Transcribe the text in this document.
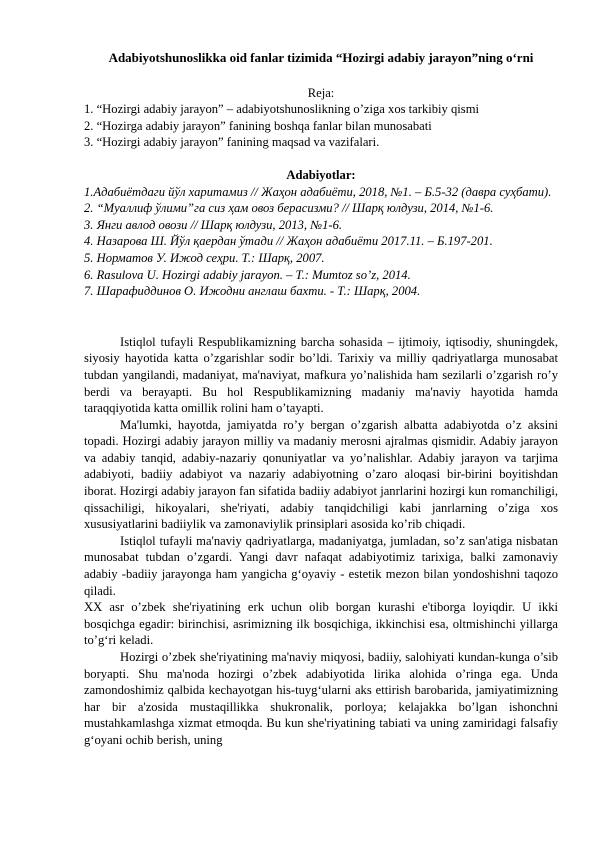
Adabiyotshunoslikka oid fanlar tizimida “Hozirgi adabiy jarayon”ning o‘rni

Reja:

1. “Hozirgi adabiy jarayon” – adabiyotshunoslikning o’ziga xos tarkibiy qismi

2. “Hozirga adabiy jarayon” fanining boshqa fanlar bilan munosabati

3. “Hozirgi adabiy jarayon” fanining maqsad va vazifalari.

Adabiyotlar:

1.Адабиётдаги йўл харитамиз // Жаҳон адабиёти, 2018, №1. – Б.5-32 (давра суҳбати).

2. “Муаллиф ўлими”га сиз ҳам овоз берасизми? // Шарқ юлдузи, 2014, №1-6.

3. Янги авлод овози // Шарқ юлдузи, 2013, №1-6.

4. Назарова Ш. Йўл қаердан ўтади // Жаҳон адабиёти 2017.11. – Б.197-201.

5. Норматов У. Ижод сеҳри. Т.: Шарқ, 2007.

6. Rasulova U. Hozirgi adabiy jarayon. – T.: Mumtoz so’z, 2014.

7. Шарафиддинов О. Ижодни англаш бахти. - Т.: Шарқ, 2004.

Istiqlol tufayli Respublikamizning barcha sohasida – ijtimoiy, iqtisodiy, shuningdek, siyosiy hayotida katta o’zgarishlar sodir bo’ldi. Tarixiy va milliy qadriyatlarga munosabat tubdan yangilandi, madaniyat, ma'naviyat, mafkura yo’nalishida ham sezilarli o’zgarish ro’y berdi va berayapti. Bu hol Respublikamizning madaniy ma'naviy hayotida hamda taraqqiyotida katta omillik rolini ham o’tayapti.

Ma'lumki, hayotda, jamiyatda ro’y bergan o’zgarish albatta adabiyotda o’z aksini topadi. Hozirgi adabiy jarayon milliy va madaniy merosni ajralmas qismidir. Adabiy jarayon va adabiy tanqid, adabiy-nazariy qonuniyatlar va yo’nalishlar. Adabiy jarayon va tarjima adabiyoti, badiiy adabiyot va nazariy adabiyotning o’zaro aloqasi bir-birini boyitishdan iborat. Hozirgi adabiy jarayon fan sifatida badiiy adabiyot janrlarini hozirgi kun romanchiligi, qissachiligi, hikoyalari, she'riyati, adabiy tanqidchiligi kabi janrlarning o’ziga xos xususiyatlarini badiiylik va zamonaviylik prinsiplari asosida ko’rib chiqadi.

Istiqlol tufayli ma'naviy qadriyatlarga, madaniyatga, jumladan, so’z san'atiga nisbatan munosabat tubdan o’zgardi. Yangi davr nafaqat adabiyotimiz tarixiga, balki zamonaviy adabiy -badiiy jarayonga ham yangicha g‘oyaviy - estetik mezon bilan yondoshishni taqozo qiladi.

XX asr o’zbek she'riyatining erk uchun olib borgan kurashi e'tiborga loyiqdir. U ikki bosqichga egadir: birinchisi, asrimizning ilk bosqichiga, ikkinchisi esa, oltmishinchi yillarga to’g‘ri keladi.

Hozirgi o’zbek she'riyatining ma'naviy miqyosi, badiiy, salohiyati kundan-kunga o’sib boryapti. Shu ma'noda hozirgi o’zbek adabiyotida lirika alohida o’ringa ega. Unda zamondoshimiz qalbida kechayotgan his-tuyg‘ularni aks ettirish barobarida, jamiyatimizning har bir a'zosida mustaqillikka shukronalik, porloya; kelajakka bo’lgan ishonchni mustahkamlashga xizmat etmoqda. Bu kun she'riyatining tabiati va uning zamiridagi falsafiy g‘oyani ochib berish, uning
